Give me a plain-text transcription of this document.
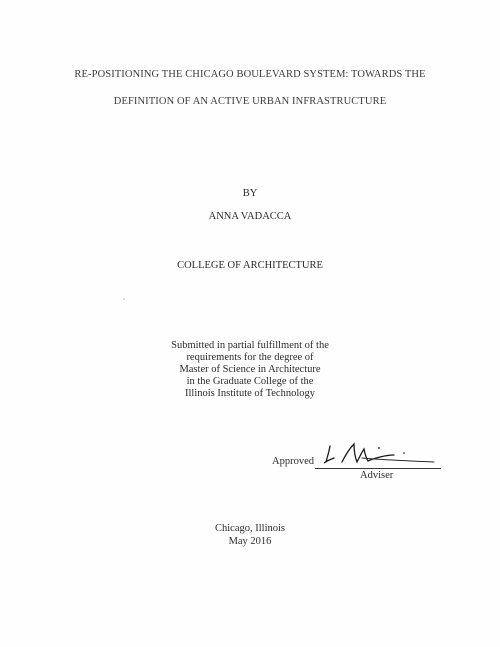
RE-POSITIONING THE CHICAGO BOULEVARD SYSTEM: TOWARDS THE
DEFINITION OF AN ACTIVE URBAN INFRASTRUCTURE
BY
ANNA VADACCA
COLLEGE OF ARCHITECTURE
Submitted in partial fulfillment of the
requirements for the degree of
Master of Science in Architecture
in the Graduate College of the
Illinois Institute of Technology
Approved
Adviser
Chicago, Illinois
May 2016
